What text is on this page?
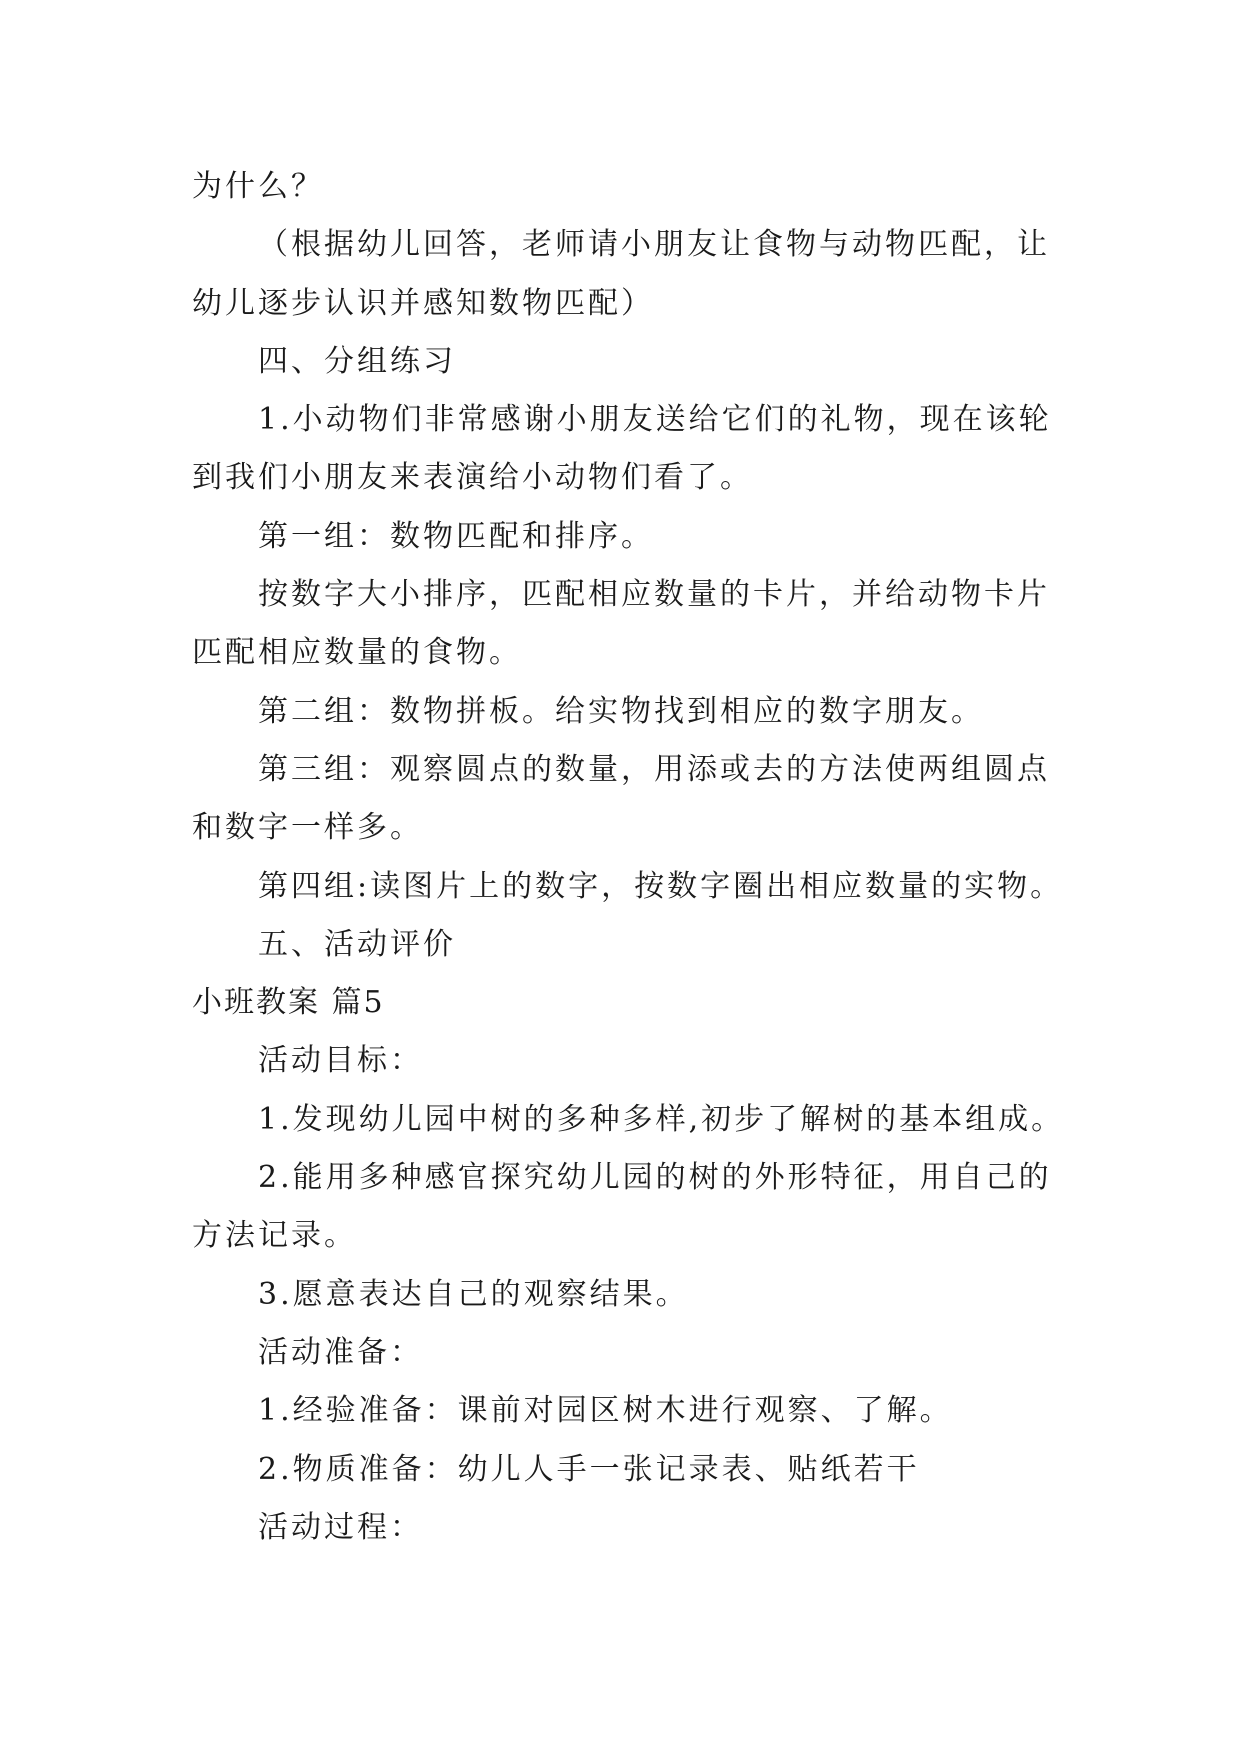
为什么？
（根据幼儿回答，老师请小朋友让食物与动物匹配，让
幼儿逐步认识并感知数物匹配）
四、分组练习
1.小动物们非常感谢小朋友送给它们的礼物，现在该轮
到我们小朋友来表演给小动物们看了。
第一组：数物匹配和排序。
按数字大小排序，匹配相应数量的卡片，并给动物卡片
匹配相应数量的食物。
第二组：数物拼板。给实物找到相应的数字朋友。
第三组：观察圆点的数量，用添或去的方法使两组圆点
和数字一样多。
第四组:读图片上的数字，按数字圈出相应数量的实物。
五、活动评价
小班教案 篇5
活动目标：
1.发现幼儿园中树的多种多样,初步了解树的基本组成。
2.能用多种感官探究幼儿园的树的外形特征，用自己的
方法记录。
3.愿意表达自己的观察结果。
活动准备：
1.经验准备：课前对园区树木进行观察、了解。
2.物质准备：幼儿人手一张记录表、贴纸若干
活动过程：
